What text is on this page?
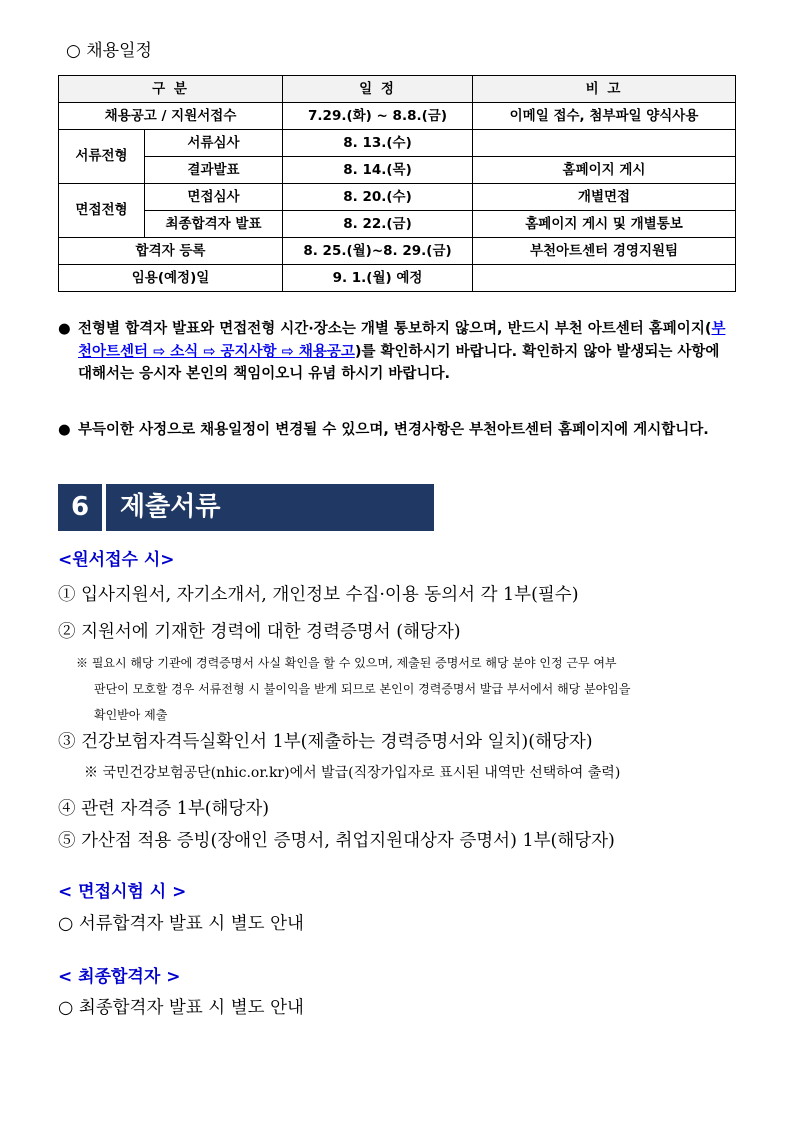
○ 채용일정
구 분		일 정	비 고
채용공고 / 지원서접수		7.29.(화) ~ 8.8.(금)	이메일 접수, 첨부파일 양식사용
서류전형	서류심사	8. 13.(수)	
	결과발표	8. 14.(목)	홈페이지 게시
면접전형	면접심사	8. 20.(수)	개별면접
	최종합격자 발표	8. 22.(금)	홈페이지 게시 및 개별통보
합격자 등록		8. 25.(월)~8. 29.(금)	부천아트센터 경영지원팀
임용(예정)일		9. 1.(월) 예정	
● 전형별 합격자 발표와 면접전형 시간·장소는 개별 통보하지 않으며, 반드시 부천 아트센터 홈페이지(부천아트센터 ⇨ 소식 ⇨ 공지사항 ⇨ 채용공고)를 확인하시기 바랍니다. 확인하지 않아 발생되는 사항에 대해서는 응시자 본인의 책임이오니 유념 하시기 바랍니다.
● 부득이한 사정으로 채용일정이 변경될 수 있으며, 변경사항은 부천아트센터 홈페이지에 게시합니다.
6	제출서류
<원서접수 시>
① 입사지원서, 자기소개서, 개인정보 수집·이용 동의서 각 1부(필수)
② 지원서에 기재한 경력에 대한 경력증명서 (해당자)
※ 필요시 해당 기관에 경력증명서 사실 확인을 할 수 있으며, 제출된 증명서로 해당 분야 인정 근무 여부
판단이 모호할 경우 서류전형 시 불이익을 받게 되므로 본인이 경력증명서 발급 부서에서 해당 분야임을
확인받아 제출
③ 건강보험자격득실확인서 1부(제출하는 경력증명서와 일치)(해당자)
※ 국민건강보험공단(nhic.or.kr)에서 발급(직장가입자로 표시된 내역만 선택하여 출력)
④ 관련 자격증 1부(해당자)
⑤ 가산점 적용 증빙(장애인 증명서, 취업지원대상자 증명서) 1부(해당자)
< 면접시험 시 >
○ 서류합격자 발표 시 별도 안내
< 최종합격자 >
○ 최종합격자 발표 시 별도 안내
